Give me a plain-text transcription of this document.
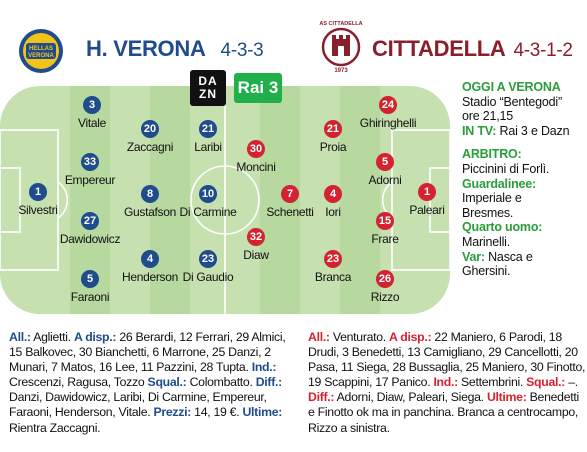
HELLAS
VERONA H. VERONA 4-3-3
AS CITTADELLA
1973
CITTADELLA 4-3-1-2
DA
ZN Rai 3
1
Silvestri
3
Vitale
33
Empereur
27
Dawidowicz
5
Faraoni
20
Zaccagni
8
Gustafson
4
Henderson
21
Laribi
10
Di Carmine
23
Di Gaudio
1
Paleari
24
Ghiringhelli
5
Adorni
15
Frare
26
Rizzo
21
Proia
4
Iori
23
Branca
7
Schenetti
30
Moncini
32
Diaw
OGGI A VERONA
Stadio “Bentegodi”
ore 21,15
IN TV: Rai 3 e Dazn
ARBITRO:
Piccinini di Forlì.
Guardalinee:
Imperiale e
Bresmes.
Quarto uomo:
Marinelli.
Var: Nasca e
Ghersini.
All.: Aglietti. A disp.: 26 Berardi, 12 Ferrari, 29 Almici, 15 Balkovec, 30 Bianchetti, 6 Marrone, 25 Danzi, 2 Munari, 7 Matos, 16 Lee, 11 Pazzini, 28 Tupta. Ind.: Crescenzi, Ragusa, Tozzo Squal.: Colombatto. Diff.: Danzi, Dawidowicz, Laribi, Di Carmine, Empereur, Faraoni, Henderson, Vitale. Prezzi: 14, 19 €. Ultime: Rientra Zaccagni.
All.: Venturato. A disp.: 22 Maniero, 6 Parodi, 18 Drudi, 3 Benedetti, 13 Camigliano, 29 Cancellotti, 20 Pasa, 11 Siega, 28 Bussaglia, 25 Maniero, 30 Finotto, 19 Scappini, 17 Panico. Ind.: Settembrini. Squal.: –. Diff.: Adorni, Diaw, Paleari, Siega. Ultime: Benedetti e Finotto ok ma in panchina. Branca a centrocampo, Rizzo a sinistra.
